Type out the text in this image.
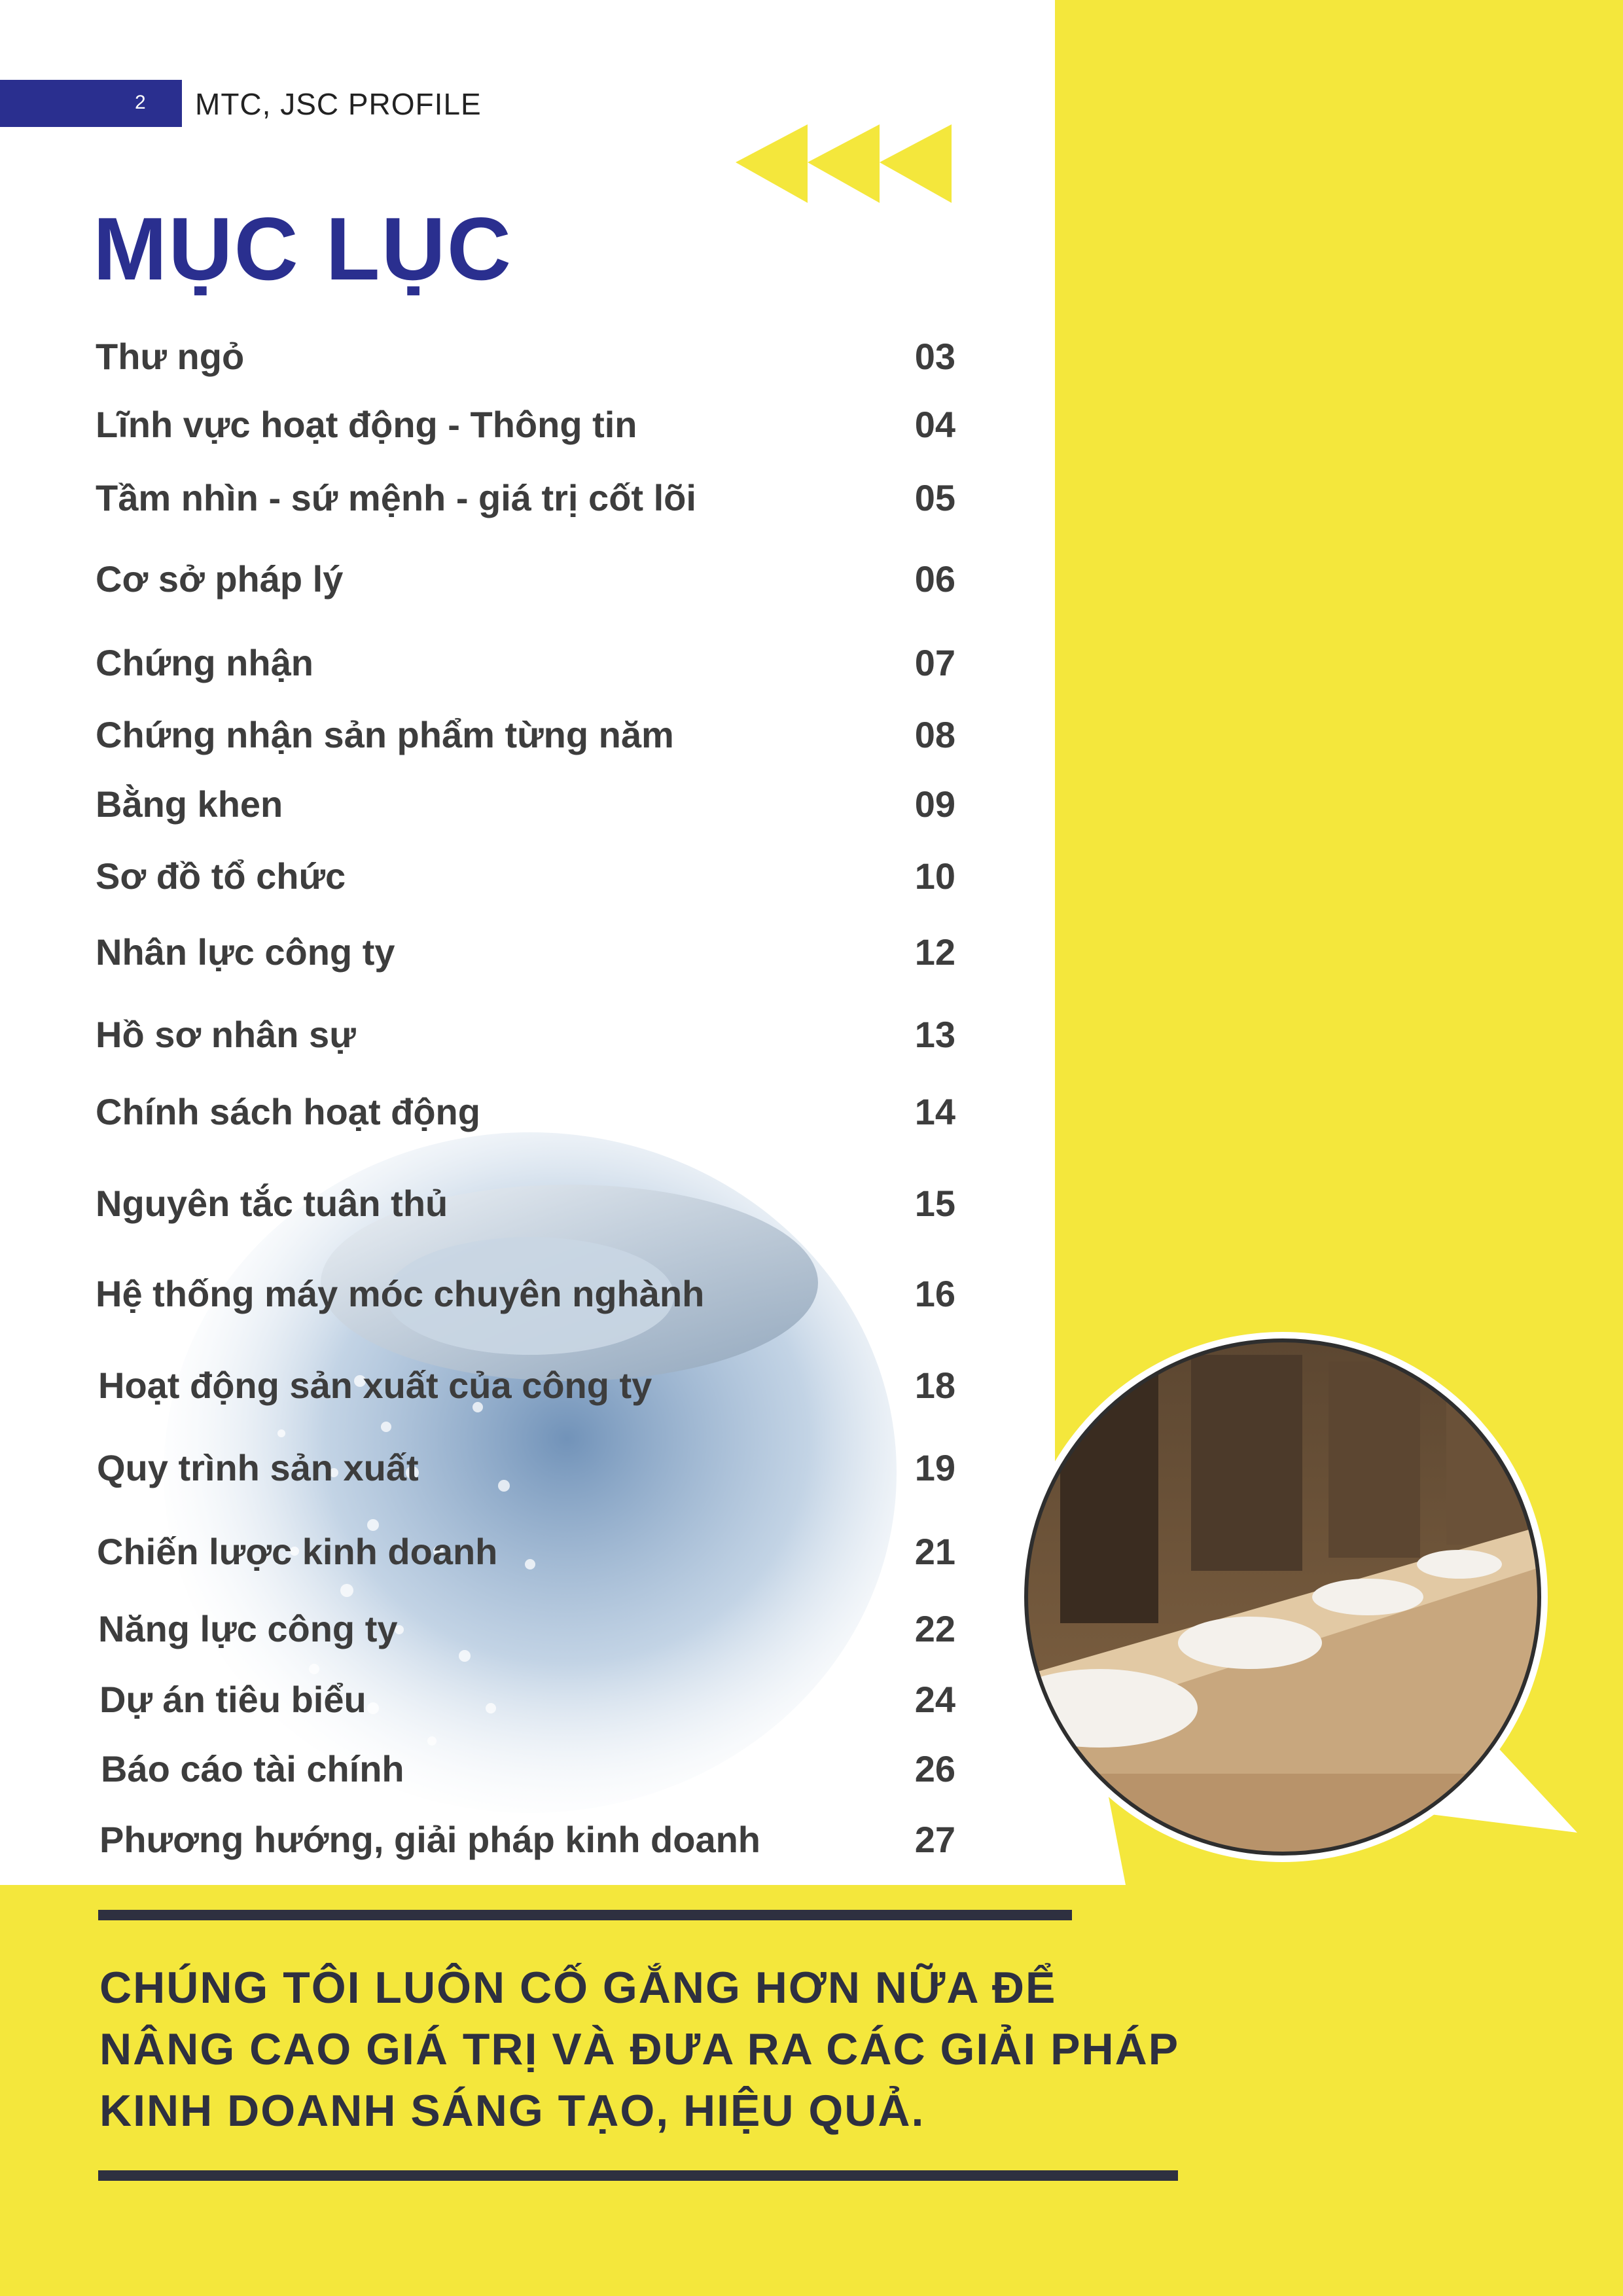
2 MTC, JSC PROFILE
MỤC LỤC
Thư ngỏ	03
Lĩnh vực hoạt động - Thông tin	04
Tầm nhìn - sứ mệnh - giá trị cốt lõi	05
Cơ sở pháp lý	06
Chứng nhận	07
Chứng nhận sản phẩm từng năm	08
Bằng khen	09
Sơ đồ tổ chức	10
Nhân lực công ty	12
Hồ sơ nhân sự	13
Chính sách hoạt động	14
Nguyên tắc tuân thủ	15
Hệ thống máy móc chuyên nghành	16
Hoạt động sản xuất của công ty	18
Quy trình sản xuất	19
Chiến lược kinh doanh	21
Năng lực công ty	22
Dự án tiêu biểu	24
Báo cáo tài chính	26
Phương hướng, giải pháp kinh doanh	27
CHÚNG TÔI LUÔN CỐ GẮNG HƠN NỮA ĐỂ
NÂNG CAO GIÁ TRỊ VÀ ĐƯA RA CÁC GIẢI PHÁP
KINH DOANH SÁNG TẠO, HIỆU QUẢ.
